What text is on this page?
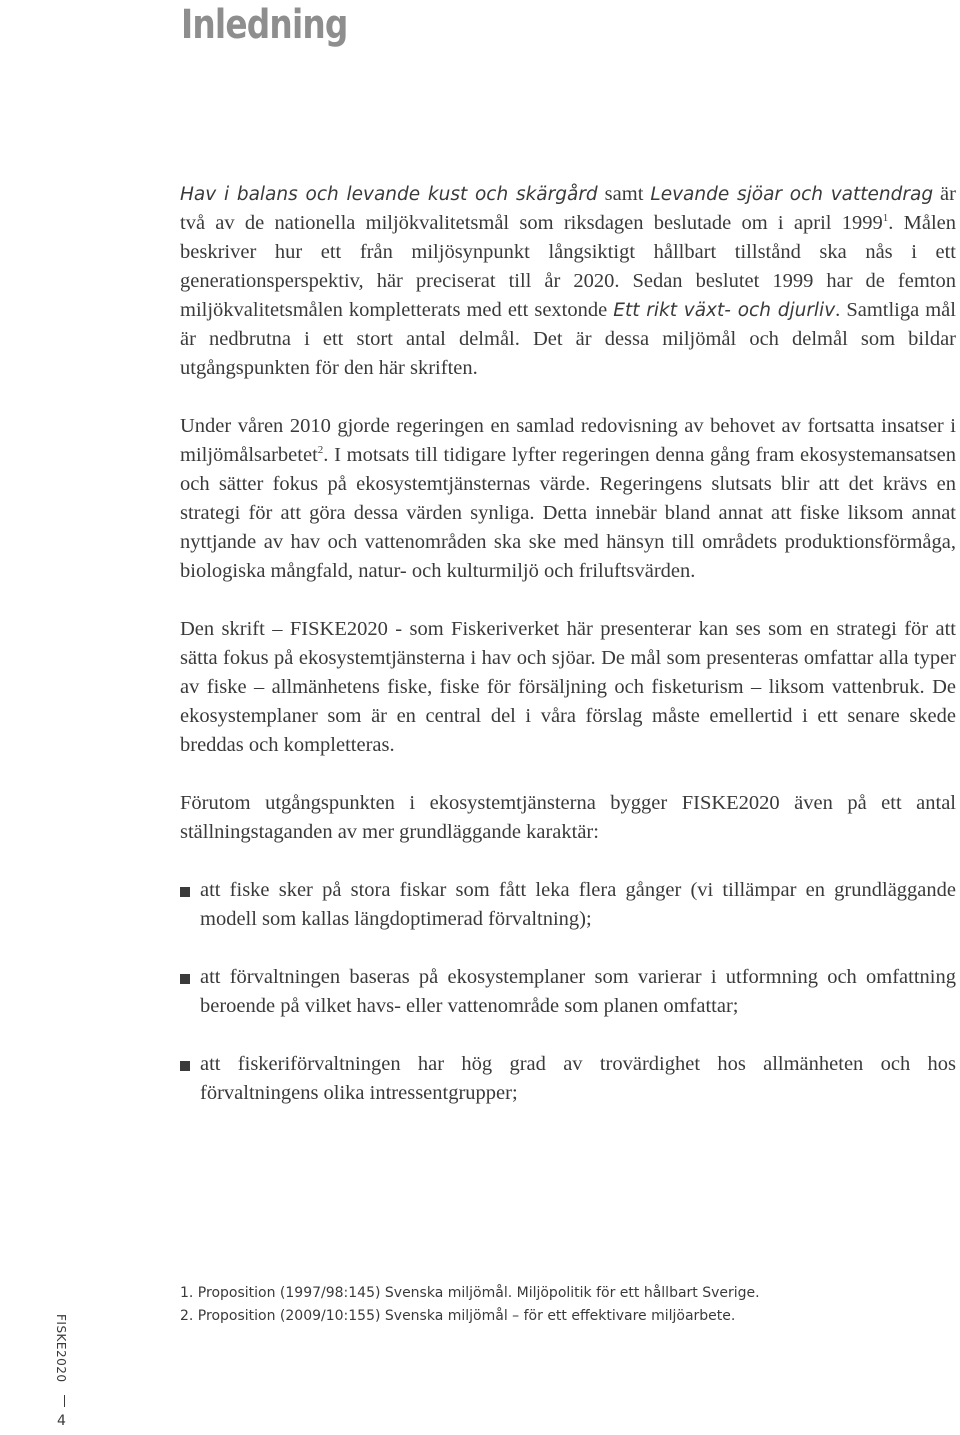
Inledning

Hav i balans och levande kust och skärgård samt Levande sjöar och vattendrag är två av de nationella miljökvalitetsmål som riksdagen beslutade om i april 1999$^1$. Målen beskriver hur ett från miljösynpunkt långsiktigt hållbart tillstånd ska nås i ett generationsperspektiv, här preciserat till år 2020. Sedan beslutet 1999 har de femton miljökvalitetsmålen kompletterats med ett sextonde Ett rikt växt- och djurliv. Samtliga mål är nedbrutna i ett stort antal delmål. Det är dessa miljömål och delmål som bildar utgångspunkten för den här skriften.

Under våren 2010 gjorde regeringen en samlad redovisning av behovet av fortsatta insatser i miljömålsarbetet$^2$. I motsats till tidigare lyfter regeringen denna gång fram ekosystemansatsen och sätter fokus på ekosystemtjänsternas värde. Regeringens slutsats blir att det krävs en strategi för att göra dessa värden synliga. Detta innebär bland annat att fiske liksom annat nyttjande av hav och vattenområden ska ske med hänsyn till områdets produktionsförmåga, biologiska mångfald, natur- och kulturmiljö och friluftsvärden.

Den skrift – FISKE2020 - som Fiskeriverket här presenterar kan ses som en strategi för att sätta fokus på ekosystemtjänsterna i hav och sjöar. De mål som presenteras omfattar alla typer av fiske – allmänhetens fiske, fiske för försäljning och fisketurism – liksom vattenbruk. De ekosystemplaner som är en central del i våra förslag måste emellertid i ett senare skede breddas och kompletteras.

Förutom utgångspunkten i ekosystemtjänsterna bygger FISKE2020 även på ett antal ställningstaganden av mer grundläggande karaktär:

att fiske sker på stora fiskar som fått leka flera gånger (vi tillämpar en grundläggande modell som kallas längdoptimerad förvaltning);
att förvaltningen baseras på ekosystemplaner som varierar i utformning och omfattning beroende på vilket havs- eller vattenområde som planen omfattar;
att fiskeriförvaltningen har hög grad av trovärdighet hos allmänheten och hos förvaltningens olika intressentgrupper;

1. Proposition (1997/98:145) Svenska miljömål. Miljöpolitik för ett hållbart Sverige.

2. Proposition (2009/10:155) Svenska miljömål – för ett effektivare miljöarbete.

FISKE2020
4
